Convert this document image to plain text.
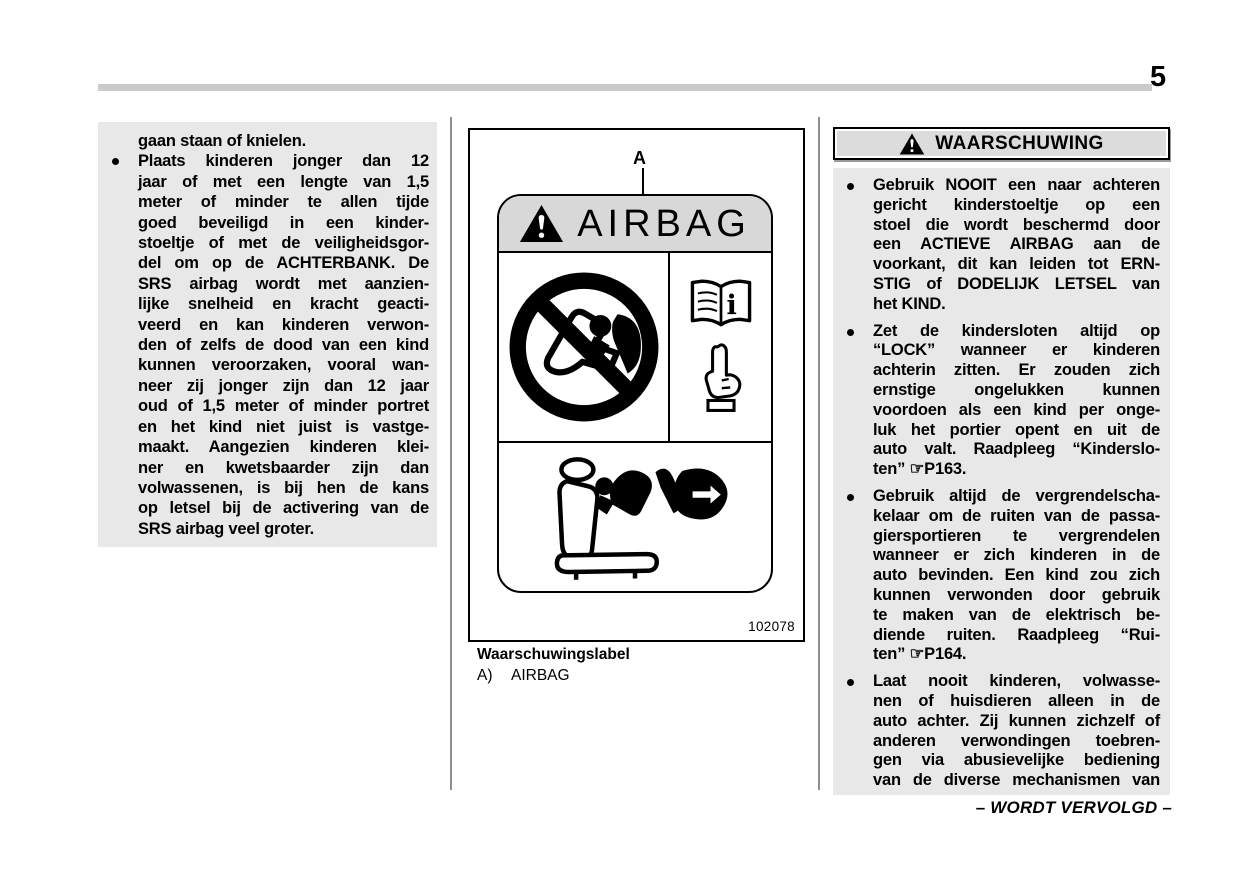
5
gaan staan of knielen.
Plaats kinderen jonger dan 12
jaar of met een lengte van 1,5
meter of minder te allen tijde
goed beveiligd in een kinder-
stoeltje of met de veiligheidsgor-
del om op de ACHTERBANK. De
SRS airbag wordt met aanzien-
lijke snelheid en kracht geacti-
veerd en kan kinderen verwon-
den of zelfs de dood van een kind
kunnen veroorzaken, vooral wan-
neer zij jonger zijn dan 12 jaar
oud of 1,5 meter of minder portret
en het kind niet juist is vastge-
maakt. Aangezien kinderen klei-
ner en kwetsbaarder zijn dan
volwassenen, is bij hen de kans
op letsel bij de activering van de
SRS airbag veel groter.
A
AIRBAG
i
102078
Waarschuwingslabel
A) AIRBAG
WAARSCHUWING
Gebruik NOOIT een naar achteren
gericht kinderstoeltje op een
stoel die wordt beschermd door
een ACTIEVE AIRBAG aan de
voorkant, dit kan leiden tot ERN-
STIG of DODELIJK LETSEL van
het KIND.
Zet de kindersloten altijd op
“LOCK” wanneer er kinderen
achterin zitten. Er zouden zich
ernstige ongelukken kunnen
voordoen als een kind per onge-
luk het portier opent en uit de
auto valt. Raadpleeg “Kinderslo-
ten” ☞P163.
Gebruik altijd de vergrendelscha-
kelaar om de ruiten van de passa-
giersportieren te vergrendelen
wanneer er zich kinderen in de
auto bevinden. Een kind zou zich
kunnen verwonden door gebruik
te maken van de elektrisch be-
diende ruiten. Raadpleeg “Rui-
ten” ☞P164.
Laat nooit kinderen, volwasse-
nen of huisdieren alleen in de
auto achter. Zij kunnen zichzelf of
anderen verwondingen toebren-
gen via abusievelijke bediening
van de diverse mechanismen van
– WORDT VERVOLGD –
